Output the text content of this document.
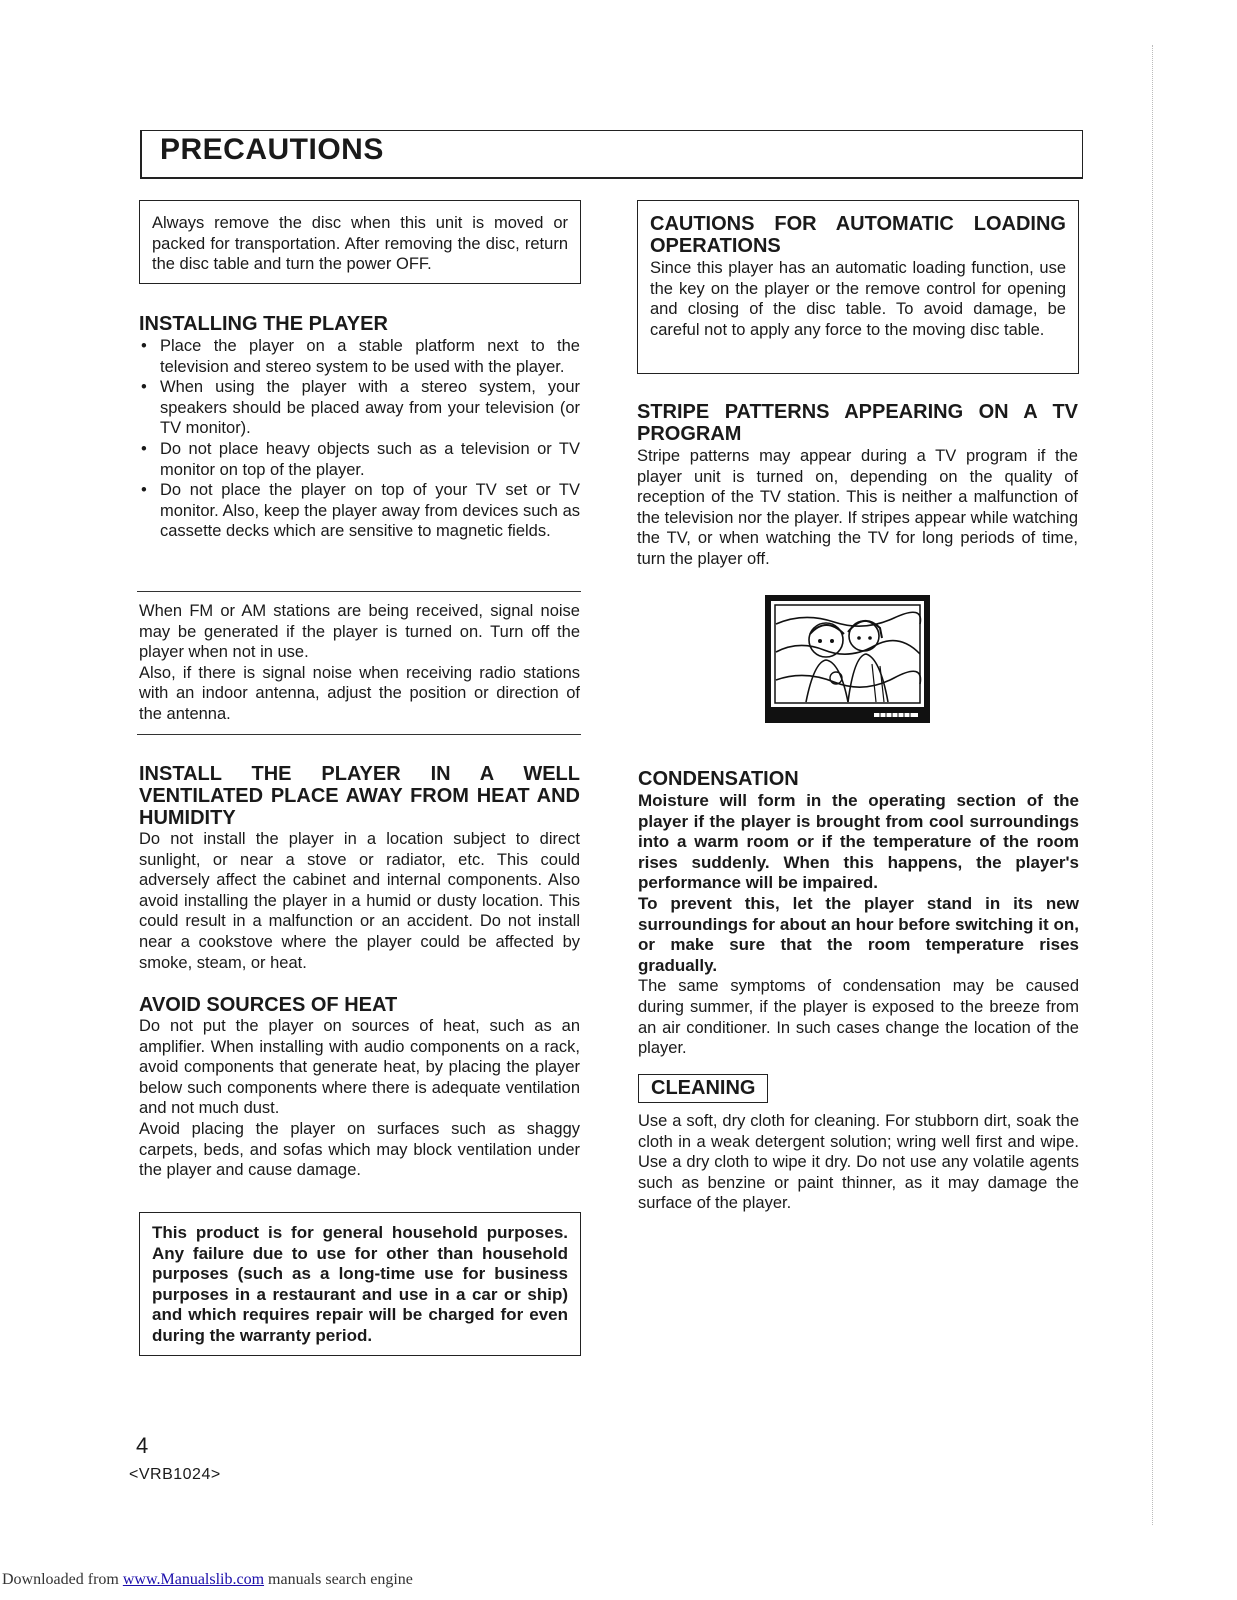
PRECAUTIONS

Always remove the disc when this unit is moved or packed for transportation. After removing the disc, return the disc table and turn the power OFF.

INSTALLING THE PLAYER
• Place the player on a stable platform next to the television and stereo system to be used with the player.
• When using the player with a stereo system, your speakers should be placed away from your television (or TV monitor).
• Do not place heavy objects such as a television or TV monitor on top of the player.
• Do not place the player on top of your TV set or TV monitor. Also, keep the player away from devices such as cassette decks which are sensitive to magnetic fields.

When FM or AM stations are being received, signal noise may be generated if the player is turned on. Turn off the player when not in use.

Also, if there is signal noise when receiving radio stations with an indoor antenna, adjust the position or direction of the antenna.

INSTALL THE PLAYER IN A WELL VENTILATED PLACE AWAY FROM HEAT AND HUMIDITY

Do not install the player in a location subject to direct sunlight, or near a stove or radiator, etc. This could adversely affect the cabinet and internal components. Also avoid installing the player in a humid or dusty location. This could result in a malfunction or an accident. Do not install near a cookstove where the player could be affected by smoke, steam, or heat.

AVOID SOURCES OF HEAT

Do not put the player on sources of heat, such as an amplifier. When installing with audio components on a rack, avoid components that generate heat, by placing the player below such components where there is adequate ventilation and not much dust.

Avoid placing the player on surfaces such as shaggy carpets, beds, and sofas which may block ventilation under the player and cause damage.

This product is for general household purposes. Any failure due to use for other than household purposes (such as a long-time use for business purposes in a restaurant and use in a car or ship) and which requires repair will be charged for even during the warranty period.

CAUTIONS FOR AUTOMATIC LOADING OPERATIONS

Since this player has an automatic loading function, use the key on the player or the remove control for opening and closing of the disc table. To avoid damage, be careful not to apply any force to the moving disc table.

STRIPE PATTERNS APPEARING ON A TV PROGRAM

Stripe patterns may appear during a TV program if the player unit is turned on, depending on the quality of reception of the TV station. This is neither a malfunction of the television nor the player. If stripes appear while watching the TV, or when watching the TV for long periods of time, turn the player off.

CONDENSATION

Moisture will form in the operating section of the player if the player is brought from cool surroundings into a warm room or if the temperature of the room rises suddenly. When this happens, the player's performance will be impaired.

To prevent this, let the player stand in its new surroundings for about an hour before switching it on, or make sure that the room temperature rises gradually.

The same symptoms of condensation may be caused during summer, if the player is exposed to the breeze from an air conditioner. In such cases change the location of the player.

CLEANING

Use a soft, dry cloth for cleaning. For stubborn dirt, soak the cloth in a weak detergent solution; wring well first and wipe. Use a dry cloth to wipe it dry. Do not use any volatile agents such as benzine or paint thinner, as it may damage the surface of the player.

4
<VRB1024>
Downloaded from www.Manualslib.com manuals search engine
